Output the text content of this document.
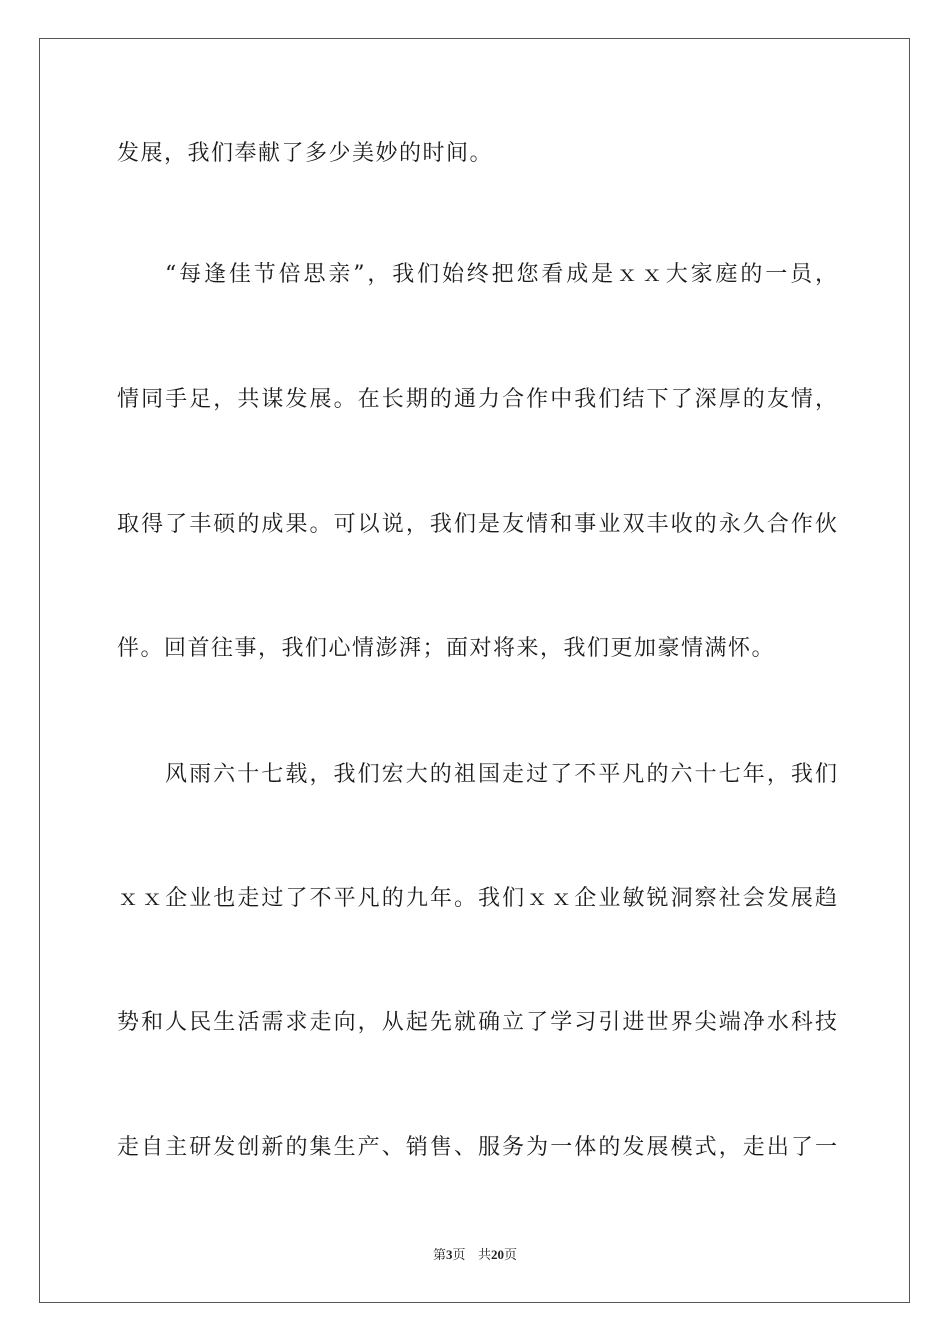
发展，我们奉献了多少美妙的时间。
“每逢佳节倍思亲”，我们始终把您看成是ｘｘ大家庭的一员，
情同手足，共谋发展。在长期的通力合作中我们结下了深厚的友情，
取得了丰硕的成果。可以说，我们是友情和事业双丰收的永久合作伙
伴。回首往事，我们心情澎湃；面对将来，我们更加豪情满怀。
风雨六十七载，我们宏大的祖国走过了不平凡的六十七年，我们
ｘｘ企业也走过了不平凡的九年。我们ｘｘ企业敏锐洞察社会发展趋
势和人民生活需求走向，从起先就确立了学习引进世界尖端净水科技
走自主研发创新的集生产、销售、服务为一体的发展模式，走出了一
第3页 共20页
